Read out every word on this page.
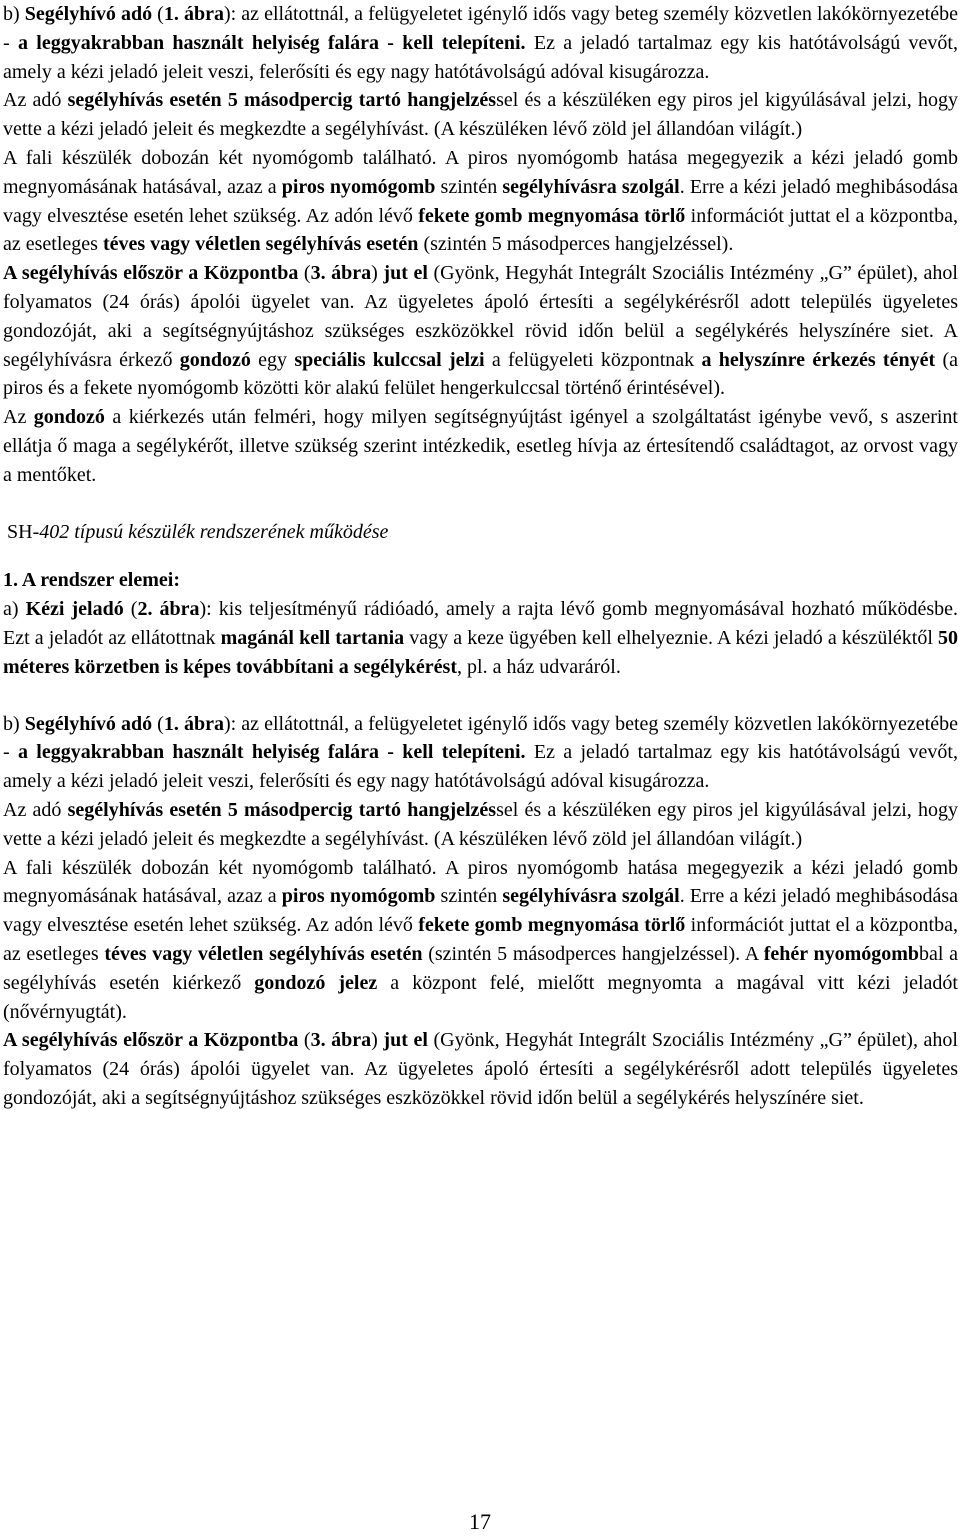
b) Segélyhívó adó (1. ábra): az ellátottnál, a felügyeletet igénylő idős vagy beteg személy közvetlen lakókörnyezetébe - a leggyakrabban használt helyiség falára - kell telepíteni. Ez a jeladó tartalmaz egy kis hatótávolságú vevőt, amely a kézi jeladó jeleit veszi, felerősíti és egy nagy hatótávolságú adóval kisugározza.

Az adó segélyhívás esetén 5 másodpercig tartó hangjelzéssel és a készüléken egy piros jel kigyúlásával jelzi, hogy vette a kézi jeladó jeleit és megkezdte a segélyhívást. (A készüléken lévő zöld jel állandóan világít.)

A fali készülék dobozán két nyomógomb található. A piros nyomógomb hatása megegyezik a kézi jeladó gomb megnyomásának hatásával, azaz a piros nyomógomb szintén segélyhívásra szolgál. Erre a kézi jeladó meghibásodása vagy elvesztése esetén lehet szükség. Az adón lévő fekete gomb megnyomása törlő információt juttat el a központba, az esetleges téves vagy véletlen segélyhívás esetén (szintén 5 másodperces hangjelzéssel).

A segélyhívás először a Központba (3. ábra) jut el (Gyönk, Hegyhát Integrált Szociális Intézmény „G” épület), ahol folyamatos (24 órás) ápolói ügyelet van. Az ügyeletes ápoló értesíti a segélykérésről adott település ügyeletes gondozóját, aki a segítségnyújtáshoz szükséges eszközökkel rövid időn belül a segélykérés helyszínére siet. A segélyhívásra érkező gondozó egy speciális kulccsal jelzi a felügyeleti központnak a helyszínre érkezés tényét (a piros és a fekete nyomógomb közötti kör alakú felület hengerkulccsal történő érintésével).

Az gondozó a kiérkezés után felméri, hogy milyen segítségnyújtást igényel a szolgáltatást igénybe vevő, s aszerint ellátja ő maga a segélykérőt, illetve szükség szerint intézkedik, esetleg hívja az értesítendő családtagot, az orvost vagy a mentőket.

SH-402 típusú készülék rendszerének működése

1. A rendszer elemei:

a) Kézi jeladó (2. ábra): kis teljesítményű rádióadó, amely a rajta lévő gomb megnyomásával hozható működésbe. Ezt a jeladót az ellátottnak magánál kell tartania vagy a keze ügyében kell elhelyeznie. A kézi jeladó a készüléktől 50 méteres körzetben is képes továbbítani a segélykérést, pl. a ház udvaráról.

b) Segélyhívó adó (1. ábra): az ellátottnál, a felügyeletet igénylő idős vagy beteg személy közvetlen lakókörnyezetébe - a leggyakrabban használt helyiség falára - kell telepíteni. Ez a jeladó tartalmaz egy kis hatótávolságú vevőt, amely a kézi jeladó jeleit veszi, felerősíti és egy nagy hatótávolságú adóval kisugározza.

Az adó segélyhívás esetén 5 másodpercig tartó hangjelzéssel és a készüléken egy piros jel kigyúlásával jelzi, hogy vette a kézi jeladó jeleit és megkezdte a segélyhívást. (A készüléken lévő zöld jel állandóan világít.)

A fali készülék dobozán két nyomógomb található. A piros nyomógomb hatása megegyezik a kézi jeladó gomb megnyomásának hatásával, azaz a piros nyomógomb szintén segélyhívásra szolgál. Erre a kézi jeladó meghibásodása vagy elvesztése esetén lehet szükség. Az adón lévő fekete gomb megnyomása törlő információt juttat el a központba, az esetleges téves vagy véletlen segélyhívás esetén (szintén 5 másodperces hangjelzéssel). A fehér nyomógombbal a segélyhívás esetén kiérkező gondozó jelez a központ felé, mielőtt megnyomta a magával vitt kézi jeladót (nővérnyugtát).

A segélyhívás először a Központba (3. ábra) jut el (Gyönk, Hegyhát Integrált Szociális Intézmény „G” épület), ahol folyamatos (24 órás) ápolói ügyelet van. Az ügyeletes ápoló értesíti a segélykérésről adott település ügyeletes gondozóját, aki a segítségnyújtáshoz szükséges eszközökkel rövid időn belül a segélykérés helyszínére siet.

17
